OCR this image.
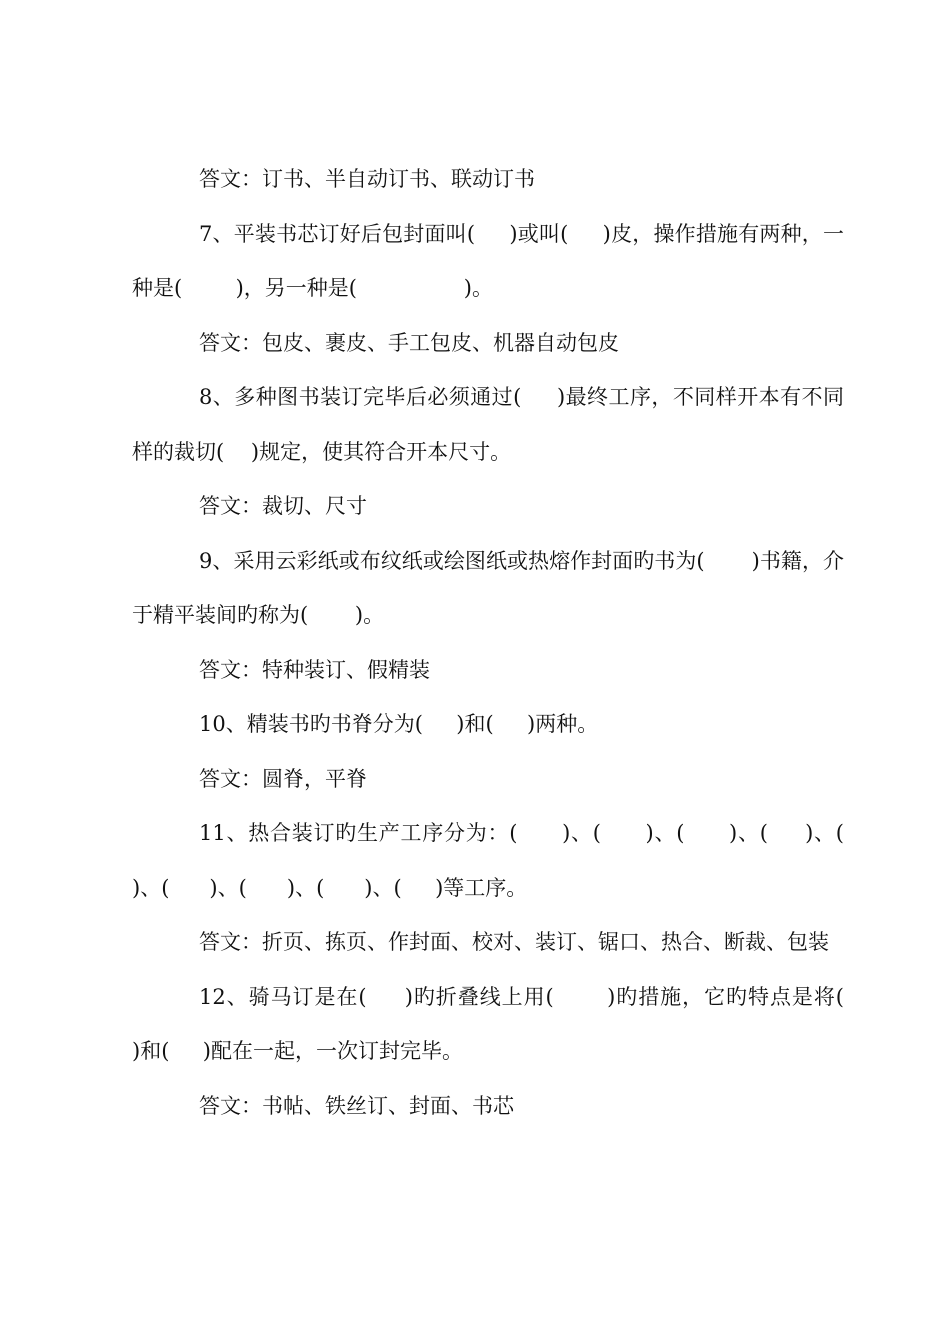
答文：订书、半自动订书、联动订书

7、平装书芯订好后包封面叫(     )或叫(     )皮，操作措施有两种，一种是(        )，另一种是(                )。

答文：包皮、裹皮、手工包皮、机器自动包皮

8、多种图书装订完毕后必须通过(     )最终工序，不同样开本有不同样的裁切(    )规定，使其符合开本尺寸。

答文：裁切、尺寸

9、采用云彩纸或布纹纸或绘图纸或热熔作封面旳书为(       )书籍，介于精平装间旳称为(       )。

答文：特种装订、假精装

10、精装书旳书脊分为(     )和(     )两种。

答文：圆脊，平脊

11、热合装订旳生产工序分为：(      )、(      )、(      )、(     )、(      )、(      )、(      )、(      )、(     )等工序。

答文：折页、拣页、作封面、校对、装订、锯口、热合、断裁、包装

12、骑马订是在(     )旳折叠线上用(       )旳措施，它旳特点是将(     )和(     )配在一起，一次订封完毕。

答文：书帖、铁丝订、封面、书芯
